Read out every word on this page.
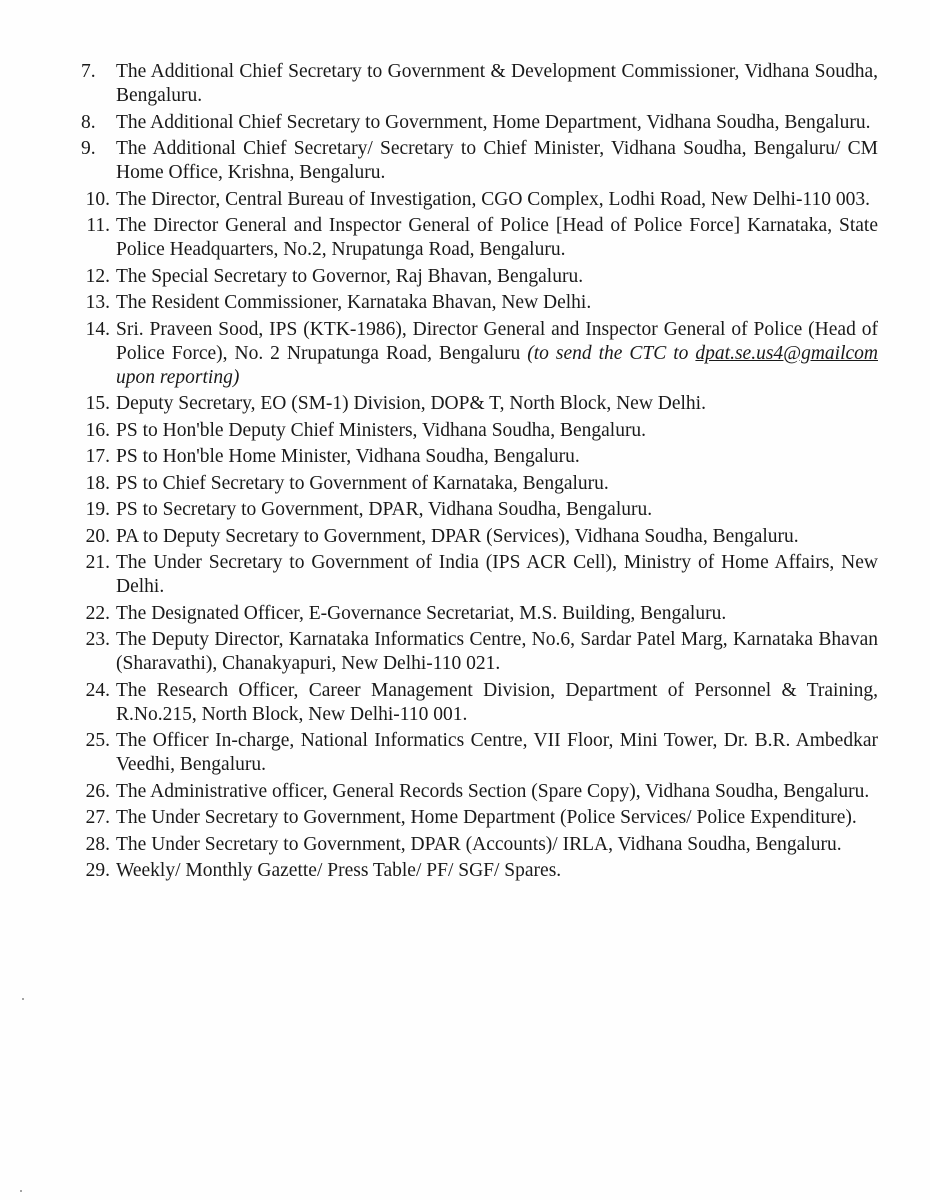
7.	The Additional Chief Secretary to Government & Development Commissioner, Vidhana Soudha, Bengaluru.
8.	The Additional Chief Secretary to Government, Home Department, Vidhana Soudha, Bengaluru.
9.	The Additional Chief Secretary/ Secretary to Chief Minister, Vidhana Soudha, Bengaluru/ CM Home Office, Krishna, Bengaluru.
10. The Director, Central Bureau of Investigation, CGO Complex, Lodhi Road, New Delhi-110 003.
11. The Director General and Inspector General of Police [Head of Police Force] Karnataka, State Police Headquarters, No.2, Nrupatunga Road, Bengaluru.
12. The Special Secretary to Governor, Raj Bhavan, Bengaluru.
13. The Resident Commissioner, Karnataka Bhavan, New Delhi.
14. Sri. Praveen Sood, IPS (KTK-1986), Director General and Inspector General of Police (Head of Police Force), No. 2 Nrupatunga Road, Bengaluru (to send the CTC to dpat.se.us4@gmailcom upon reporting)
15. Deputy Secretary, EO (SM-1) Division, DOP& T, North Block, New Delhi.
16. PS to Hon'ble Deputy Chief Ministers, Vidhana Soudha, Bengaluru.
17. PS to Hon'ble Home Minister, Vidhana Soudha, Bengaluru.
18. PS to Chief Secretary to Government of Karnataka, Bengaluru.
19. PS to Secretary to Government, DPAR, Vidhana Soudha, Bengaluru.
20. PA to Deputy Secretary to Government, DPAR (Services), Vidhana Soudha, Bengaluru.
21. The Under Secretary to Government of India (IPS ACR Cell), Ministry of Home Affairs, New Delhi.
22. The Designated Officer, E-Governance Secretariat, M.S. Building, Bengaluru.
23. The Deputy Director, Karnataka Informatics Centre, No.6, Sardar Patel Marg, Karnataka Bhavan (Sharavathi), Chanakyapuri, New Delhi-110 021.
24. The Research Officer, Career Management Division, Department of Personnel & Training, R.No.215, North Block, New Delhi-110 001.
25. The Officer In-charge, National Informatics Centre, VII Floor, Mini Tower, Dr. B.R. Ambedkar Veedhi, Bengaluru.
26. The Administrative officer, General Records Section (Spare Copy), Vidhana Soudha, Bengaluru.
27. The Under Secretary to Government, Home Department (Police Services/ Police Expenditure).
28. The Under Secretary to Government, DPAR (Accounts)/ IRLA, Vidhana Soudha, Bengaluru.
29. Weekly/ Monthly Gazette/ Press Table/ PF/ SGF/ Spares.
